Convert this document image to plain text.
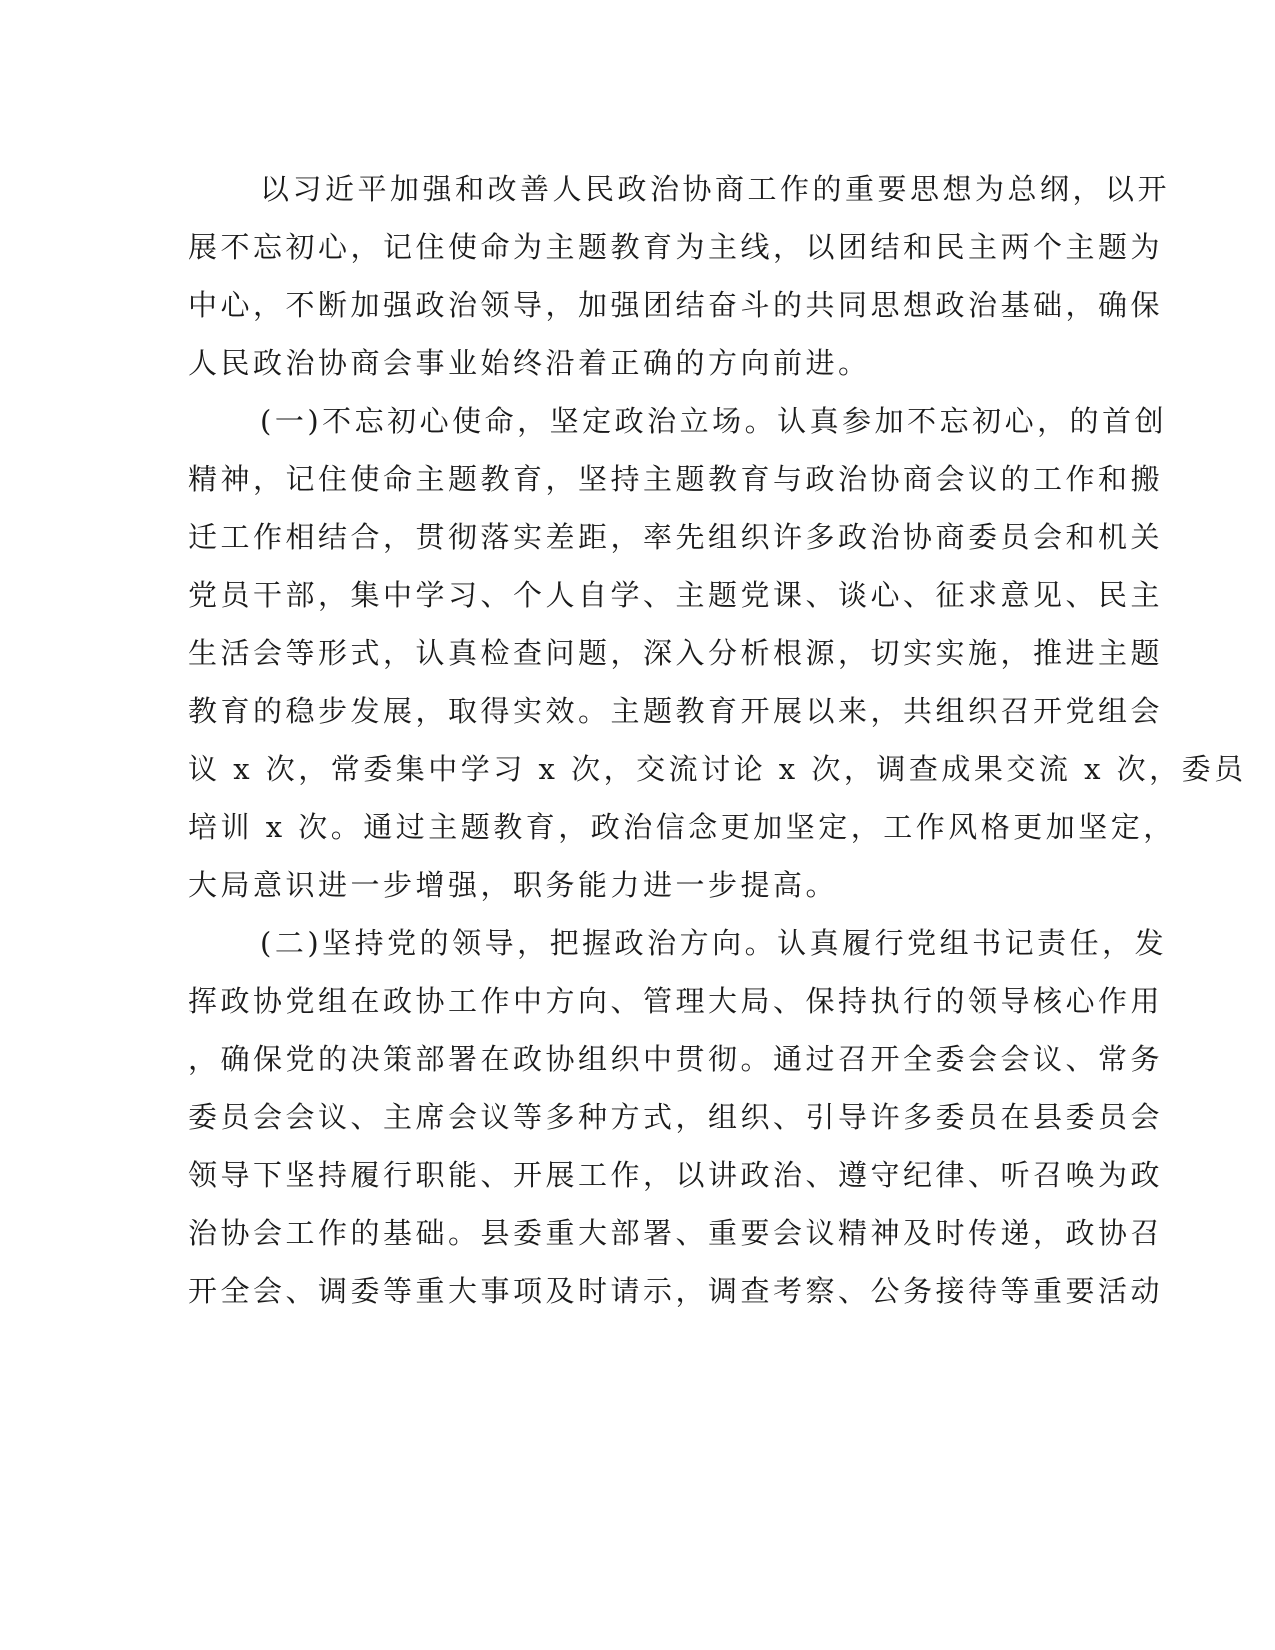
以习近平加强和改善人民政治协商工作的重要思想为总纲，以开
展不忘初心，记住使命为主题教育为主线，以团结和民主两个主题为
中心，不断加强政治领导，加强团结奋斗的共同思想政治基础，确保
人民政治协商会事业始终沿着正确的方向前进。
(一)不忘初心使命，坚定政治立场。认真参加不忘初心，的首创
精神，记住使命主题教育，坚持主题教育与政治协商会议的工作和搬
迁工作相结合，贯彻落实差距，率先组织许多政治协商委员会和机关
党员干部，集中学习、个人自学、主题党课、谈心、征求意见、民主
生活会等形式，认真检查问题，深入分析根源，切实实施，推进主题
教育的稳步发展，取得实效。主题教育开展以来，共组织召开党组会
议 x 次，常委集中学习 x 次，交流讨论 x 次，调查成果交流 x 次，委员
培训 x 次。通过主题教育，政治信念更加坚定，工作风格更加坚定，
大局意识进一步增强，职务能力进一步提高。
(二)坚持党的领导，把握政治方向。认真履行党组书记责任，发
挥政协党组在政协工作中方向、管理大局、保持执行的领导核心作用
，确保党的决策部署在政协组织中贯彻。通过召开全委会会议、常务
委员会会议、主席会议等多种方式，组织、引导许多委员在县委员会
领导下坚持履行职能、开展工作，以讲政治、遵守纪律、听召唤为政
治协会工作的基础。县委重大部署、重要会议精神及时传递，政协召
开全会、调委等重大事项及时请示，调查考察、公务接待等重要活动
